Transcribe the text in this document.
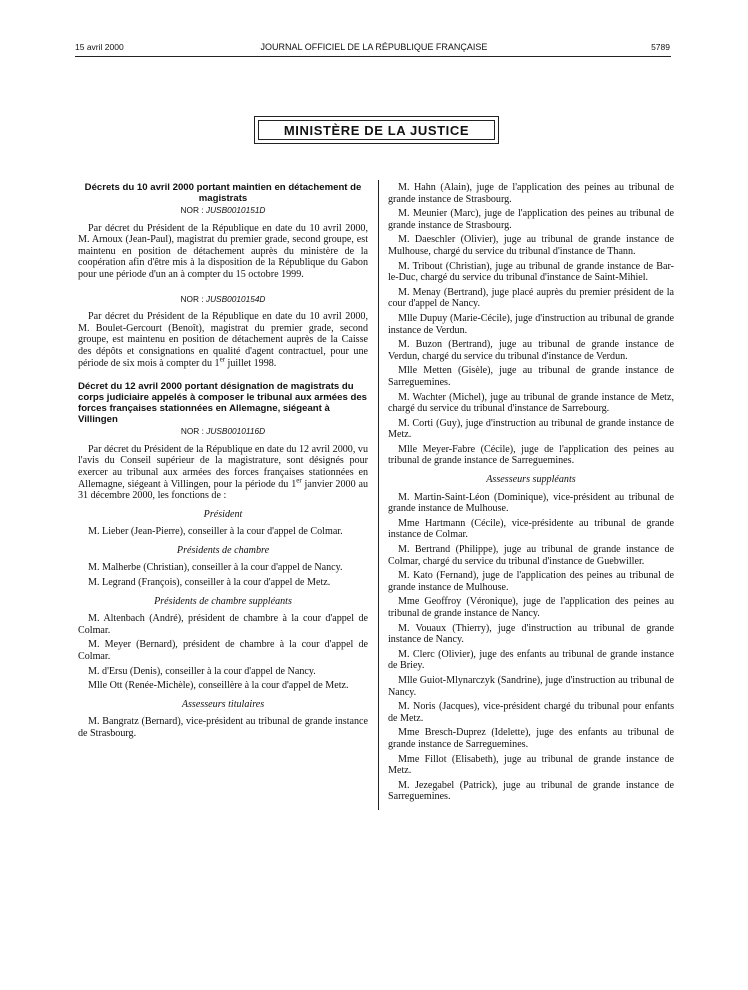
15 avril 2000	JOURNAL OFFICIEL DE LA RÉPUBLIQUE FRANÇAISE	5789
MINISTÈRE DE LA JUSTICE
Décrets du 10 avril 2000 portant maintien en détachement de magistrats
NOR : JUSB0010151D

Par décret du Président de la République en date du 10 avril 2000, M. Arnoux (Jean-Paul), magistrat du premier grade, second groupe, est maintenu en position de détachement auprès du ministère de la coopération afin d'être mis à la disposition de la République du Gabon pour une période d'un an à compter du 15 octobre 1999.

NOR : JUSB0010154D

Par décret du Président de la République en date du 10 avril 2000, M. Boulet-Gercourt (Benoît), magistrat du premier grade, second groupe, est maintenu en position de détachement auprès de la Caisse des dépôts et consignations en qualité d'agent contractuel, pour une période de six mois à compter du 1er juillet 1998.

Décret du 12 avril 2000 portant désignation de magistrats du corps judiciaire appelés à composer le tribunal aux armées des forces françaises stationnées en Allemagne, siégeant à Villingen
NOR : JUSB0010116D

Par décret du Président de la République en date du 12 avril 2000, vu l'avis du Conseil supérieur de la magistrature, sont désignés pour exercer au tribunal aux armées des forces françaises stationnées en Allemagne, siégeant à Villingen, pour la période du 1er janvier 2000 au 31 décembre 2000, les fonctions de :

Président

M. Lieber (Jean-Pierre), conseiller à la cour d'appel de Colmar.

Présidents de chambre

M. Malherbe (Christian), conseiller à la cour d'appel de Nancy.

M. Legrand (François), conseiller à la cour d'appel de Metz.

Présidents de chambre suppléants

M. Altenbach (André), président de chambre à la cour d'appel de Colmar.

M. Meyer (Bernard), président de chambre à la cour d'appel de Colmar.

M. d'Ersu (Denis), conseiller à la cour d'appel de Nancy.

Mlle Ott (Renée-Michèle), conseillère à la cour d'appel de Metz.

Assesseurs titulaires

M. Bangratz (Bernard), vice-président au tribunal de grande instance de Strasbourg.

M. Hahn (Alain), juge de l'application des peines au tribunal de grande instance de Strasbourg.

M. Meunier (Marc), juge de l'application des peines au tribunal de grande instance de Strasbourg.

M. Daeschler (Olivier), juge au tribunal de grande instance de Mulhouse, chargé du service du tribunal d'instance de Thann.

M. Tribout (Christian), juge au tribunal de grande instance de Bar-le-Duc, chargé du service du tribunal d'instance de Saint-Mihiel.

M. Menay (Bertrand), juge placé auprès du premier président de la cour d'appel de Nancy.

Mlle Dupuy (Marie-Cécile), juge d'instruction au tribunal de grande instance de Verdun.

M. Buzon (Bertrand), juge au tribunal de grande instance de Verdun, chargé du service du tribunal d'instance de Verdun.

Mlle Metten (Gisèle), juge au tribunal de grande instance de Sarreguemines.

M. Wachter (Michel), juge au tribunal de grande instance de Metz, chargé du service du tribunal d'instance de Sarrebourg.

M. Corti (Guy), juge d'instruction au tribunal de grande instance de Metz.

Mlle Meyer-Fabre (Cécile), juge de l'application des peines au tribunal de grande instance de Sarreguemines.

Assesseurs suppléants

M. Martin-Saint-Léon (Dominique), vice-président au tribunal de grande instance de Mulhouse.

Mme Hartmann (Cécile), vice-présidente au tribunal de grande instance de Colmar.

M. Bertrand (Philippe), juge au tribunal de grande instance de Colmar, chargé du service du tribunal d'instance de Guebwiller.

M. Kato (Fernand), juge de l'application des peines au tribunal de grande instance de Mulhouse.

Mme Geoffroy (Véronique), juge de l'application des peines au tribunal de grande instance de Nancy.

M. Vouaux (Thierry), juge d'instruction au tribunal de grande instance de Nancy.

M. Clerc (Olivier), juge des enfants au tribunal de grande instance de Briey.

Mlle Guiot-Mlynarczyk (Sandrine), juge d'instruction au tribunal de Nancy.

M. Noris (Jacques), vice-président chargé du tribunal pour enfants de Metz.

Mme Bresch-Duprez (Idelette), juge des enfants au tribunal de grande instance de Sarreguemines.

Mme Fillot (Elisabeth), juge au tribunal de grande instance de Metz.

M. Jezegabel (Patrick), juge au tribunal de grande instance de Sarreguemines.
